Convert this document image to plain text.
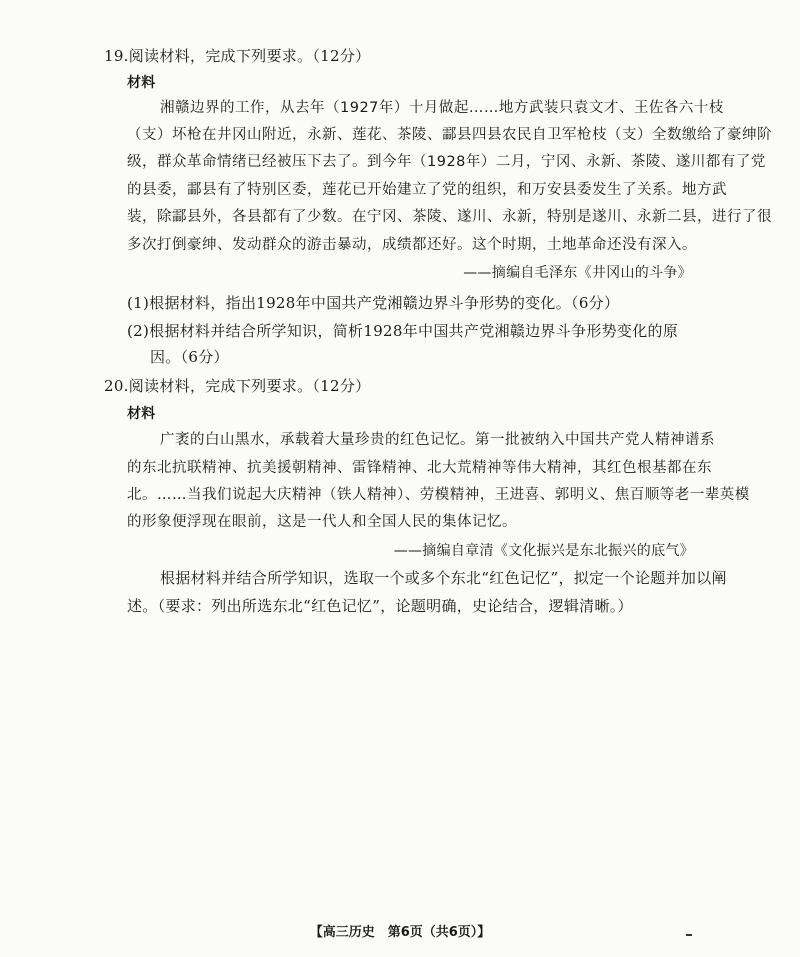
19.阅读材料，完成下列要求。（12分）
材料
湘赣边界的工作，从去年（1927年）十月做起……地方武装只袁文才、王佐各六十枝
（支）坏枪在井冈山附近，永新、莲花、茶陵、酃县四县农民自卫军枪枝（支）全数缴给了豪绅阶
级，群众革命情绪已经被压下去了。到今年（1928年）二月，宁冈、永新、茶陵、遂川都有了党
的县委，酃县有了特别区委，莲花已开始建立了党的组织，和万安县委发生了关系。地方武
装，除酃县外，各县都有了少数。在宁冈、茶陵、遂川、永新，特别是遂川、永新二县，进行了很
多次打倒豪绅、发动群众的游击暴动，成绩都还好。这个时期，土地革命还没有深入。
——摘编自毛泽东《井冈山的斗争》
(1)根据材料，指出1928年中国共产党湘赣边界斗争形势的变化。（6分）
(2)根据材料并结合所学知识，简析1928年中国共产党湘赣边界斗争形势变化的原
因。（6分）
20.阅读材料，完成下列要求。（12分）
材料
广袤的白山黑水，承载着大量珍贵的红色记忆。第一批被纳入中国共产党人精神谱系
的东北抗联精神、抗美援朝精神、雷锋精神、北大荒精神等伟大精神，其红色根基都在东
北。……当我们说起大庆精神（铁人精神）、劳模精神，王进喜、郭明义、焦百顺等老一辈英模
的形象便浮现在眼前，这是一代人和全国人民的集体记忆。
——摘编自章清《文化振兴是东北振兴的底气》
根据材料并结合所学知识，选取一个或多个东北“红色记忆”，拟定一个论题并加以阐
述。（要求：列出所选东北“红色记忆”，论题明确，史论结合，逻辑清晰。）
【高三历史　第6页（共6页）】
